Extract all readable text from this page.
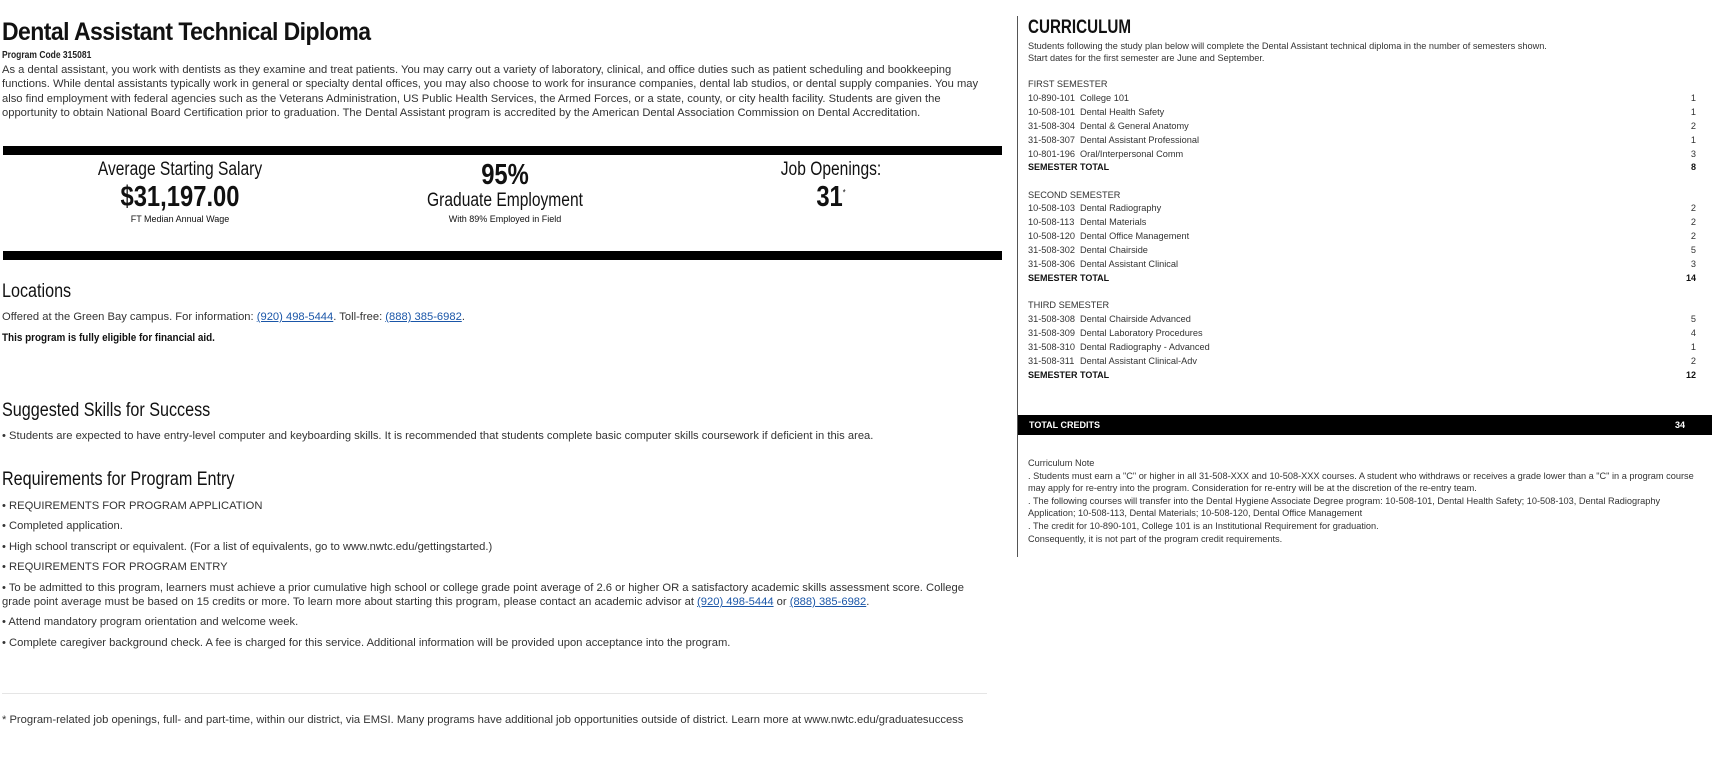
Dental Assistant Technical Diploma
Program Code 315081
As a dental assistant, you work with dentists as they examine and treat patients. You may carry out a variety of laboratory, clinical, and office duties such as patient scheduling and bookkeeping functions. While dental assistants typically work in general or specialty dental offices, you may also choose to work for insurance companies, dental lab studios, or dental supply companies. You may also find employment with federal agencies such as the Veterans Administration, US Public Health Services, the Armed Forces, or a state, county, or city health facility. Students are given the opportunity to obtain National Board Certification prior to graduation. The Dental Assistant program is accredited by the American Dental Association Commission on Dental Accreditation.
Average Starting Salary
$31,197.00
FT Median Annual Wage
95%
Graduate Employment
With 89% Employed in Field
Job Openings:
31*
Locations
Offered at the Green Bay campus. For information: (920) 498-5444. Toll-free: (888) 385-6982.
This program is fully eligible for financial aid.
Suggested Skills for Success
• Students are expected to have entry-level computer and keyboarding skills. It is recommended that students complete basic computer skills coursework if deficient in this area.
Requirements for Program Entry
• REQUIREMENTS FOR PROGRAM APPLICATION
• Completed application.
• High school transcript or equivalent. (For a list of equivalents, go to www.nwtc.edu/gettingstarted.)
• REQUIREMENTS FOR PROGRAM ENTRY
• To be admitted to this program, learners must achieve a prior cumulative high school or college grade point average of 2.6 or higher OR a satisfactory academic skills assessment score. College grade point average must be based on 15 credits or more. To learn more about starting this program, please contact an academic advisor at (920) 498-5444 or (888) 385-6982.
• Attend mandatory program orientation and welcome week.
• Complete caregiver background check. A fee is charged for this service. Additional information will be provided upon acceptance into the program.
* Program-related job openings, full- and part-time, within our district, via EMSI. Many programs have additional job opportunities outside of district. Learn more at www.nwtc.edu/graduatesuccess
CURRICULUM
Students following the study plan below will complete the Dental Assistant technical diploma in the number of semesters shown.
Start dates for the first semester are June and September.
FIRST SEMESTER
10-890-101 College 101	1
10-508-101 Dental Health Safety	1
31-508-304 Dental & General Anatomy	2
31-508-307 Dental Assistant Professional	1
10-801-196 Oral/Interpersonal Comm	3
SEMESTER TOTAL	8
SECOND SEMESTER
10-508-103 Dental Radiography	2
10-508-113 Dental Materials	2
10-508-120 Dental Office Management	2
31-508-302 Dental Chairside	5
31-508-306 Dental Assistant Clinical	3
SEMESTER TOTAL	14
THIRD SEMESTER
31-508-308 Dental Chairside Advanced	5
31-508-309 Dental Laboratory Procedures	4
31-508-310 Dental Radiography - Advanced	1
31-508-311 Dental Assistant Clinical-Adv	2
SEMESTER TOTAL	12
TOTAL CREDITS	34
Curriculum Note
. Students must earn a "C" or higher in all 31-508-XXX and 10-508-XXX courses. A student who withdraws or receives a grade lower than a "C" in a program course may apply for re-entry into the program. Consideration for re-entry will be at the discretion of the re-entry team.
. The following courses will transfer into the Dental Hygiene Associate Degree program: 10-508-101, Dental Health Safety; 10-508-103, Dental Radiography Application; 10-508-113, Dental Materials; 10-508-120, Dental Office Management
. The credit for 10-890-101, College 101 is an Institutional Requirement for graduation.
Consequently, it is not part of the program credit requirements.
